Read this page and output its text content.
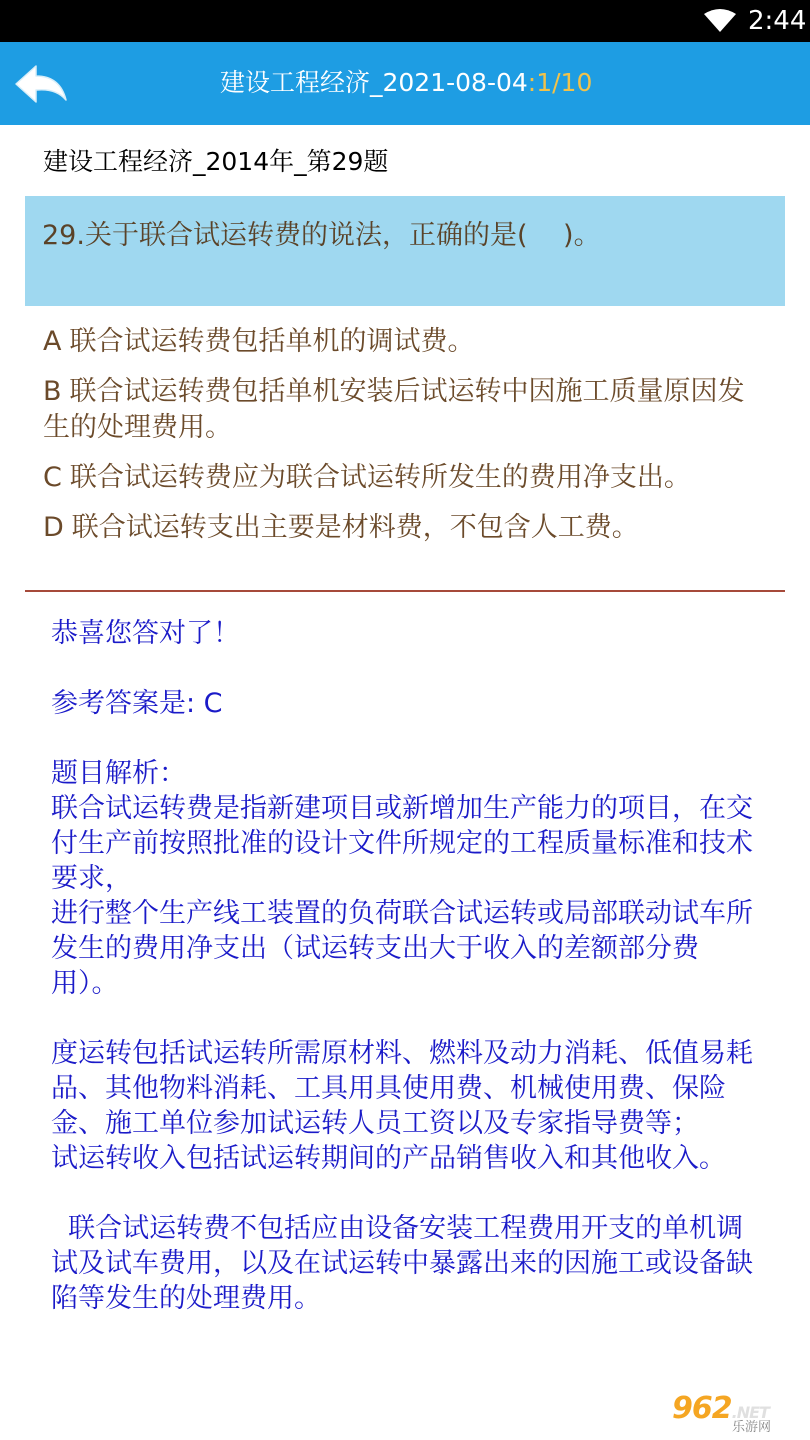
2:44
建设工程经济_2021-08-04:1/10
建设工程经济_2014年_第29题
29.关于联合试运转费的说法，正确的是(　 )。
A 联合试运转费包括单机的调试费。
B 联合试运转费包括单机安装后试运转中因施工质量原因发生的处理费用。
C 联合试运转费应为联合试运转所发生的费用净支出。
D 联合试运转支出主要是材料费，不包含人工费。

恭喜您答对了！

参考答案是: C

题目解析：

联合试运转费是指新建项目或新增加生产能力的项目，在交付生产前按照批准的设计文件所规定的工程质量标准和技术要求，

进行整个生产线工装置的负荷联合试运转或局部联动试车所发生的费用净支出（试运转支出大于收入的差额部分费用）。

度运转包括试运转所需原材料、燃料及动力消耗、低值易耗品、其他物料消耗、工具用具使用费、机械使用费、保险金、施工单位参加试运转人员工资以及专家指导费等；

试运转收入包括试运转期间的产品销售收入和其他收入。

联合试运转费不包括应由设备安装工程费用开支的单机调试及试车费用，以及在试运转中暴露出来的因施工或设备缺陷等发生的处理费用。

962.NET
乐游网
